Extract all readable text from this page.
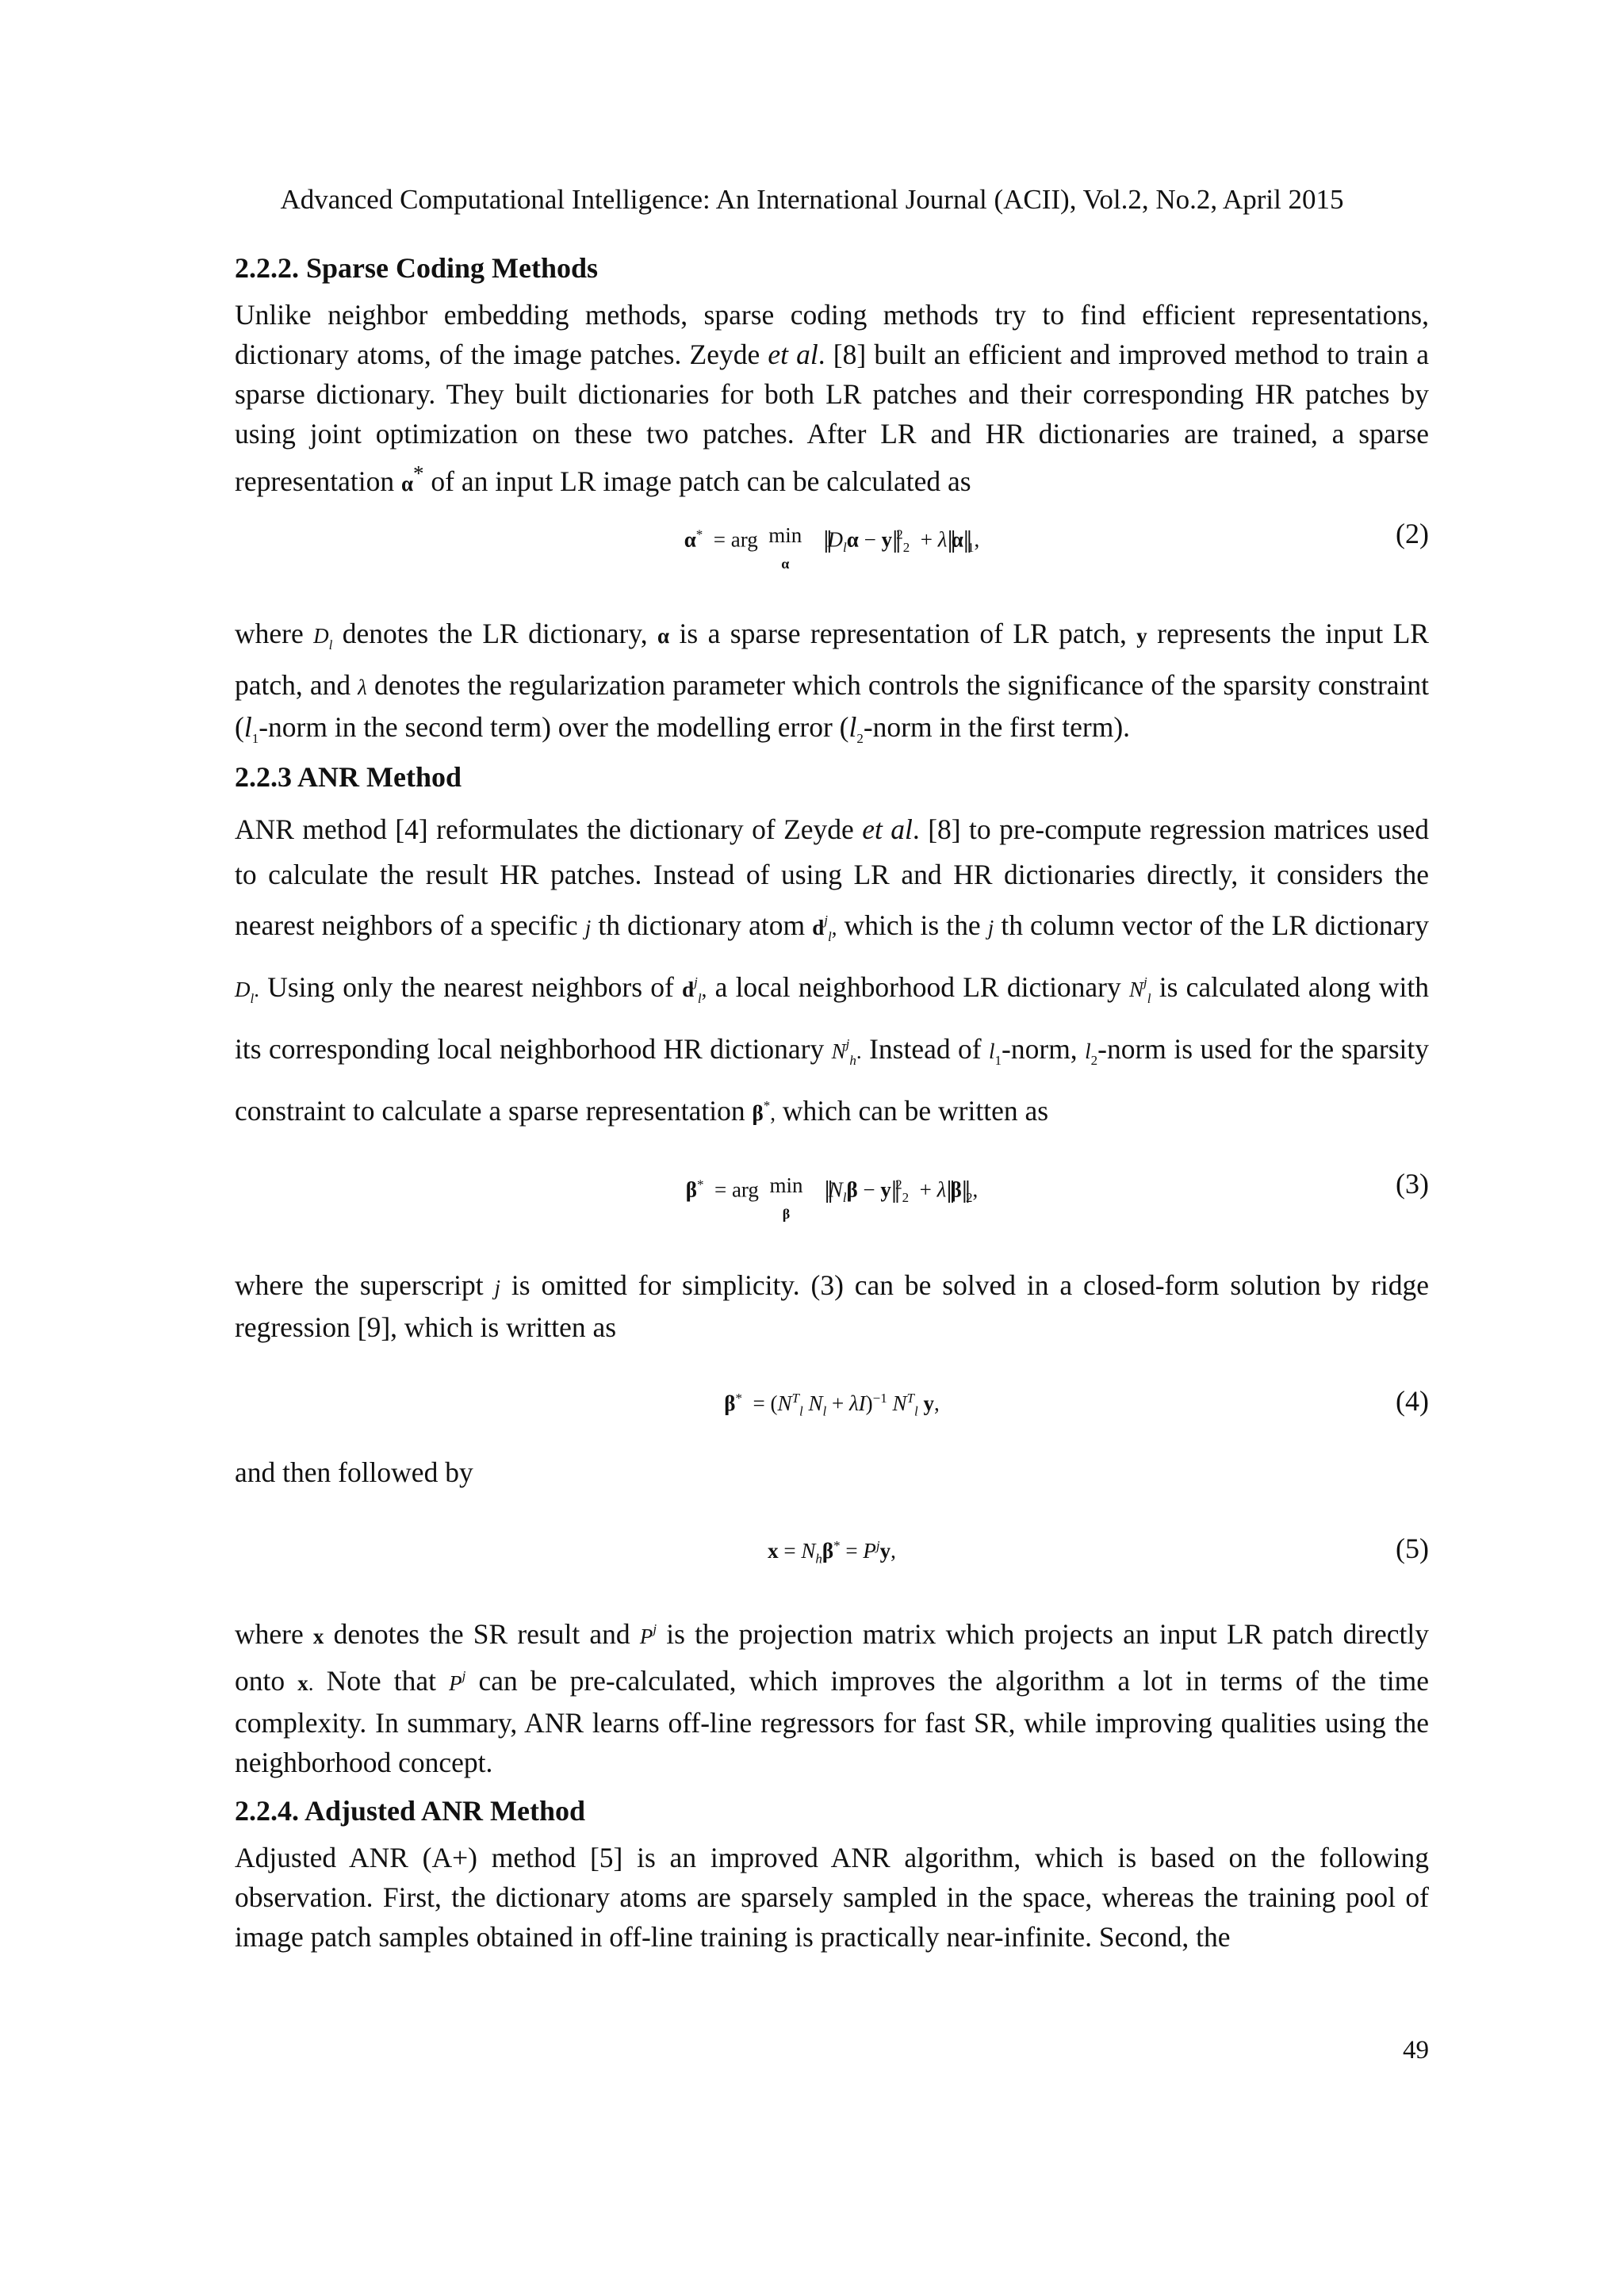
Advanced Computational Intelligence: An International Journal (ACII), Vol.2, No.2, April 2015
2.2.2. Sparse Coding Methods

Unlike neighbor embedding methods, sparse coding methods try to find efficient representations, dictionary atoms, of the image patches. Zeyde et al. [8] built an efficient and improved method to train a sparse dictionary. They built dictionaries for both LR patches and their corresponding HR patches by using joint optimization on these two patches. After LR and HR dictionaries are trained, a sparse representation α* of an input LR image patch can be calculated as

α* = arg min
α
$‖D_l\alpha$ − y‖$^2_2$ + $\lambda‖\alpha‖_1$,	(2)

where $D_l$ denotes the LR dictionary, α is a sparse representation of LR patch, y represents the input LR patch, and λ denotes the regularization parameter which controls the significance of the sparsity constraint ($l_1$-norm in the second term) over the modelling error ($l_2$-norm in the first term).

2.2.3 ANR Method

ANR method [4] reformulates the dictionary of Zeyde et al. [8] to pre-compute regression matrices used to calculate the result HR patches. Instead of using LR and HR dictionaries directly, it considers the nearest neighbors of a specific j th dictionary atom $d^j_l$, which is the j th column vector of the LR dictionary $D_l$. Using only the nearest neighbors of $d^j_l$, a local neighborhood LR dictionary $N^j_l$ is calculated along with its corresponding local neighborhood HR dictionary $N^j_h$. Instead of $l_1$-norm, $l_2$-norm is used for the sparsity constraint to calculate a sparse representation β*, which can be written as

β* = arg min
β
$‖N_l\beta$ − y‖$^2_2$ + $\lambda‖\beta‖_2$,	(3)

where the superscript j is omitted for simplicity. (3) can be solved in a closed-form solution by ridge regression [9], which is written as

$\beta^* = (N^T_l$ $N_l + \lambda I)^{-1}$ $N^T_l$ y,	(4)

and then followed by

$x = N_h\beta^* = P^jy$,	(5)

where x denotes the SR result and $P^j$ is the projection matrix which projects an input LR patch directly onto x. Note that $P^j$ can be pre-calculated, which improves the algorithm a lot in terms of the time complexity. In summary, ANR learns off-line regressors for fast SR, while improving qualities using the neighborhood concept.

2.2.4. Adjusted ANR Method

Adjusted ANR (A+) method [5] is an improved ANR algorithm, which is based on the following observation. First, the dictionary atoms are sparsely sampled in the space, whereas the training pool of image patch samples obtained in off-line training is practically near-infinite. Second, the

49
